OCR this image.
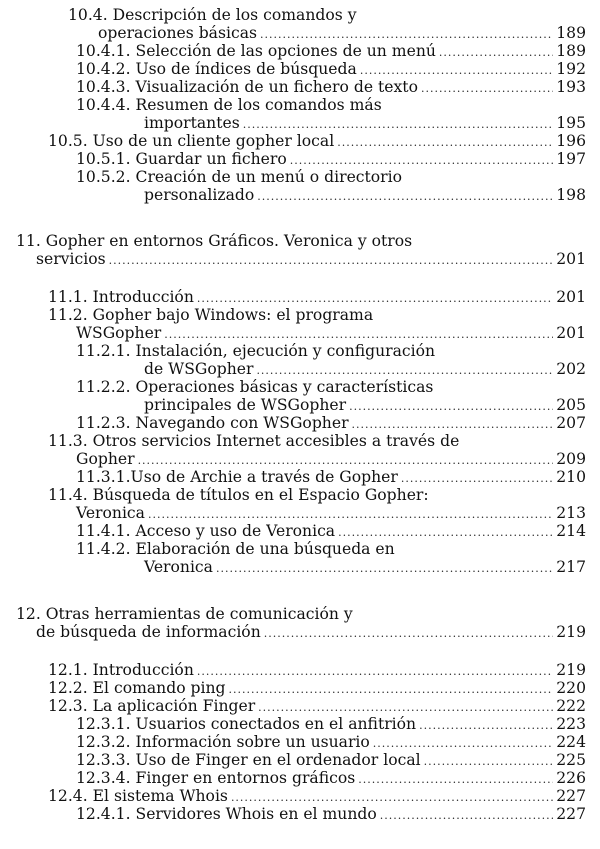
10.4. Descripción de los comandos y
operaciones básicas .....	189
10.4.1. Selección de las opciones de un menú .....	189
10.4.2. Uso de índices de búsqueda .....	192
10.4.3. Visualización de un fichero de texto .....	193
10.4.4. Resumen de los comandos más
importantes .....	195
10.5. Uso de un cliente gopher local .....	196
10.5.1. Guardar un fichero .....	197
10.5.2. Creación de un menú o directorio
personalizado .....	198
11. Gopher en entornos Gráficos. Veronica y otros
servicios .....	201
11.1. Introducción .....	201
11.2. Gopher bajo Windows: el programa
WSGopher .....	201
11.2.1. Instalación, ejecución y configuración
de WSGopher .....	202
11.2.2. Operaciones básicas y características
principales de WSGopher .....	205
11.2.3. Navegando con WSGopher .....	207
11.3. Otros servicios Internet accesibles a través de
Gopher .....	209
11.3.1.Uso de Archie a través de Gopher .....	210
11.4. Búsqueda de títulos en el Espacio Gopher:
Veronica .....	213
11.4.1. Acceso y uso de Veronica .....	214
11.4.2. Elaboración de una búsqueda en
Veronica .....	217
12. Otras herramientas de comunicación y
de búsqueda de información .....	219
12.1. Introducción .....	219
12.2. El comando ping .....	220
12.3. La aplicación Finger .....	222
12.3.1. Usuarios conectados en el anfitrión .....	223
12.3.2. Información sobre un usuario .....	224
12.3.3. Uso de Finger en el ordenador local .....	225
12.3.4. Finger en entornos gráficos .....	226
12.4. El sistema Whois .....	227
12.4.1. Servidores Whois en el mundo .....	227
